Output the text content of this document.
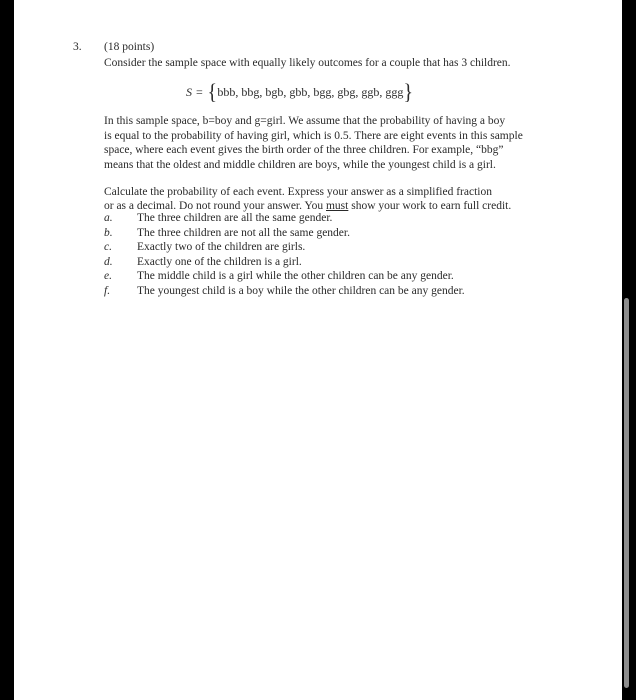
3. (18 points)
Consider the sample space with equally likely outcomes for a couple that has 3 children.
S = { bbb, bbg, bgb, gbb, bgg, gbg, ggb, ggg }
In this sample space, b=boy and g=girl. We assume that the probability of having a boy
is equal to the probability of having girl, which is 0.5. There are eight events in this sample
space, where each event gives the birth order of the three children. For example, “bbg”
means that the oldest and middle children are boys, while the youngest child is a girl.
Calculate the probability of each event. Express your answer as a simplified fraction
or as a decimal. Do not round your answer. You must show your work to earn full credit.
a. The three children are all the same gender.
b. The three children are not all the same gender.
c. Exactly two of the children are girls.
d. Exactly one of the children is a girl.
e. The middle child is a girl while the other children can be any gender.
f. The youngest child is a boy while the other children can be any gender.
